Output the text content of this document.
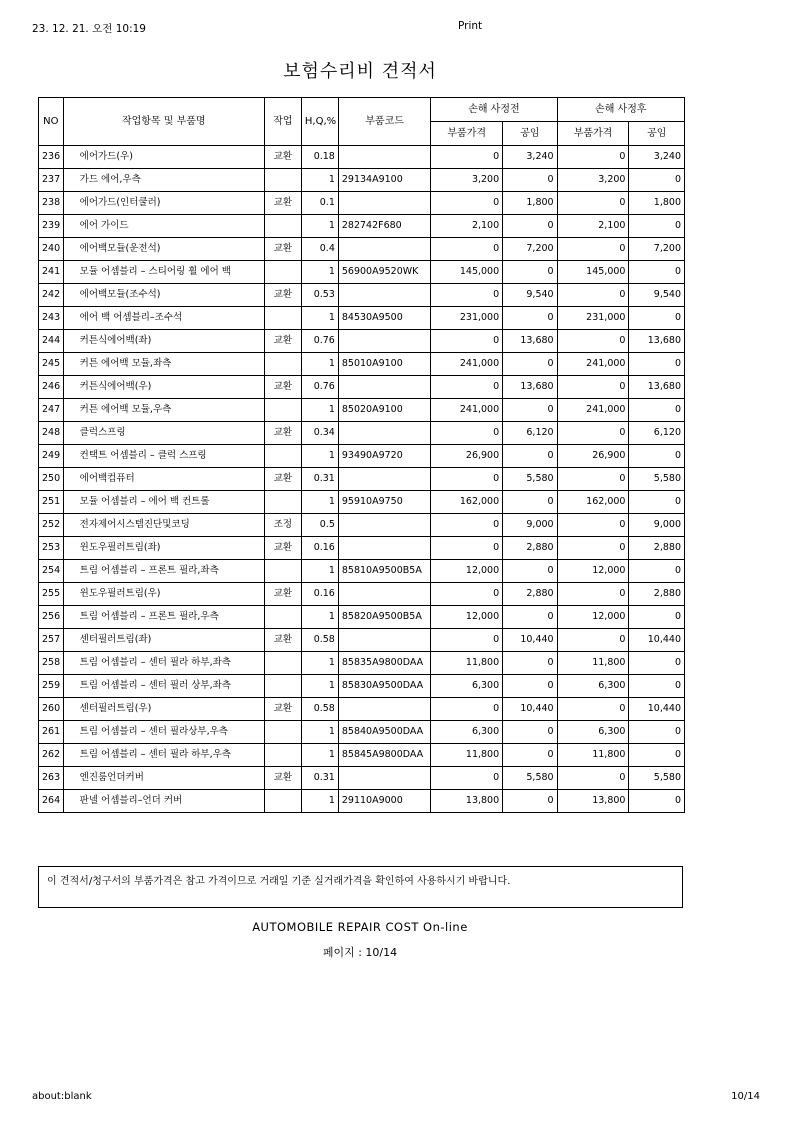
23. 12. 21. 오전 10:19	Print
보험수리비 견적서
NO	작업항목 및 부품명	작업	H,Q,%	부품코드	손해 사정전		손해 사정후	
					부품가격	공임	부품가격	공임
236	에어가드(우)	교환	0.18		0	3,240	0	3,240
237	가드 에어,우측		1	29134A9100	3,200	0	3,200	0
238	에어가드(인터쿨러)	교환	0.1		0	1,800	0	1,800
239	에어 가이드		1	282742F680	2,100	0	2,100	0
240	에어백모듈(운전석)	교환	0.4		0	7,200	0	7,200
241	모듈 어셈블리 – 스티어링 휠 에어 백		1	56900A9520WK	145,000	0	145,000	0
242	에어백모듈(조수석)	교환	0.53		0	9,540	0	9,540
243	에어 백 어셈블리–조수석		1	84530A9500	231,000	0	231,000	0
244	커튼식에어백(좌)	교환	0.76		0	13,680	0	13,680
245	커튼 에어백 모듈,좌측		1	85010A9100	241,000	0	241,000	0
246	커튼식에어백(우)	교환	0.76		0	13,680	0	13,680
247	커튼 에어백 모듈,우측		1	85020A9100	241,000	0	241,000	0
248	클럭스프링	교환	0.34		0	6,120	0	6,120
249	컨택트 어셈블리 – 클럭 스프링		1	93490A9720	26,900	0	26,900	0
250	에어백컴퓨터	교환	0.31		0	5,580	0	5,580
251	모듈 어셈블리 – 에어 백 컨트롤		1	95910A9750	162,000	0	162,000	0
252	전자제어시스템진단및코딩	조정	0.5		0	9,000	0	9,000
253	윈도우필러트림(좌)	교환	0.16		0	2,880	0	2,880
254	트림 어셈블리 – 프론트 필라,좌측		1	85810A9500B5A	12,000	0	12,000	0
255	윈도우필러트림(우)	교환	0.16		0	2,880	0	2,880
256	트림 어셈블리 – 프론트 필라,우측		1	85820A9500B5A	12,000	0	12,000	0
257	센터필러트림(좌)	교환	0.58		0	10,440	0	10,440
258	트림 어셈블리 – 센터 필라 하부,좌측		1	85835A9800DAA	11,800	0	11,800	0
259	트림 어셈블리 – 센터 필러 상부,좌측		1	85830A9500DAA	6,300	0	6,300	0
260	센터필러트림(우)	교환	0.58		0	10,440	0	10,440
261	트림 어셈블리 – 센터 필라상부,우측		1	85840A9500DAA	6,300	0	6,300	0
262	트림 어셈블리 – 센터 필라 하부,우측		1	85845A9800DAA	11,800	0	11,800	0
263	엔진룸언더커버	교환	0.31		0	5,580	0	5,580
264	판넬 어셈블리–언더 커버		1	29110A9000	13,800	0	13,800	0
이 견적서/청구서의 부품가격은 참고 가격이므로 거래일 기준 실거래가격을 확인하여 사용하시기 바랍니다.
AUTOMOBILE REPAIR COST On-line
페이지 : 10/14
about:blank	10/14
